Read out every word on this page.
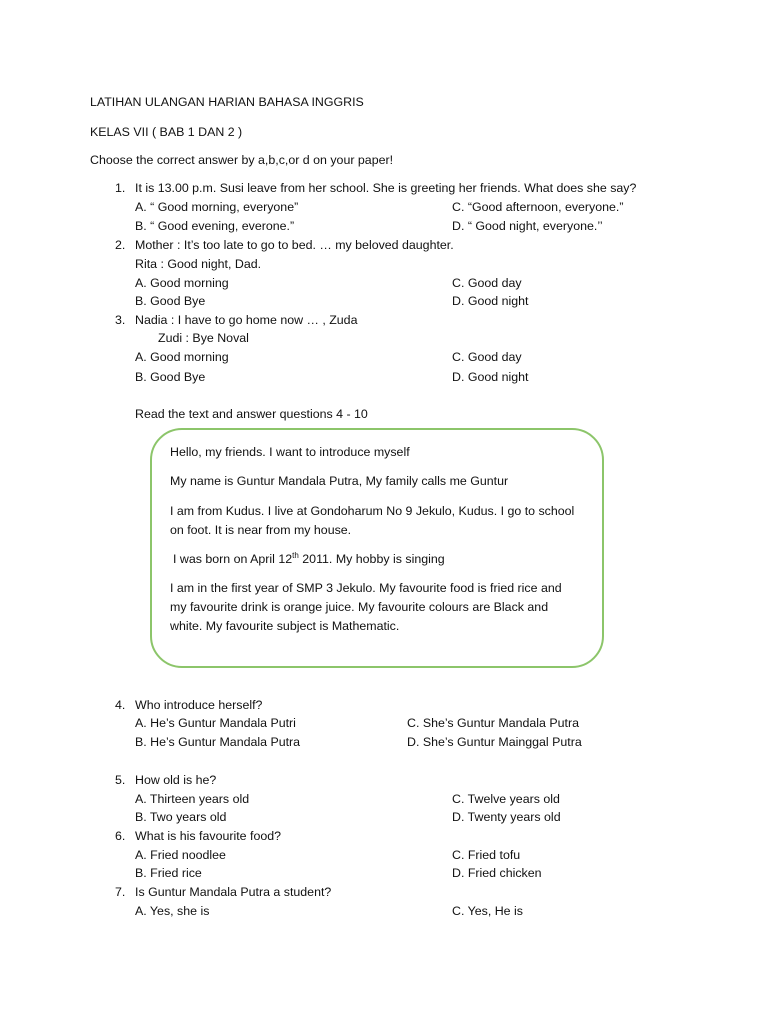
LATIHAN ULANGAN HARIAN BAHASA INGGRIS
KELAS VII ( BAB 1 DAN 2 )
Choose the correct answer by a,b,c,or d on your paper!
1. It is 13.00 p.m. Susi leave from her school. She is greeting her friends. What does she say?
A. “ Good morning, everyone”
B. “ Good evening, everone.”
C. “Good afternoon, everyone.”
D. “ Good night, everyone.’’
2. Mother : It’s too late to go to bed. … my beloved daughter.
Rita : Good night, Dad.
A. Good morning
B. Good Bye
C. Good day
D. Good night
3. Nadia : I have to go home now … , Zuda
Zudi : Bye Noval
A. Good morning
B. Good Bye
C. Good day
D. Good night
Read the text and answer questions 4 - 10
Hello, my friends. I want to introduce myself
My name is Guntur Mandala Putra, My family calls me Guntur
I am from Kudus. I live at Gondoharum No 9 Jekulo, Kudus. I go to school
on foot. It is near from my house.
I was born on April 12th 2011. My hobby is singing
I am in the first year of SMP 3 Jekulo. My favourite food is fried rice and
my favourite drink is orange juice. My favourite colours are Black and
white. My favourite subject is Mathematic.
4. Who introduce herself?
A. He’s Guntur Mandala Putri
B. He’s Guntur Mandala Putra
C. She’s Guntur Mandala Putra
D. She’s Guntur Mainggal Putra
5. How old is he?
A. Thirteen years old
B. Two years old
C. Twelve years old
D. Twenty years old
6. What is his favourite food?
A. Fried noodlee
B. Fried rice
C. Fried tofu
D. Fried chicken
7. Is Guntur Mandala Putra a student?
A. Yes, she is	C. Yes, He is
